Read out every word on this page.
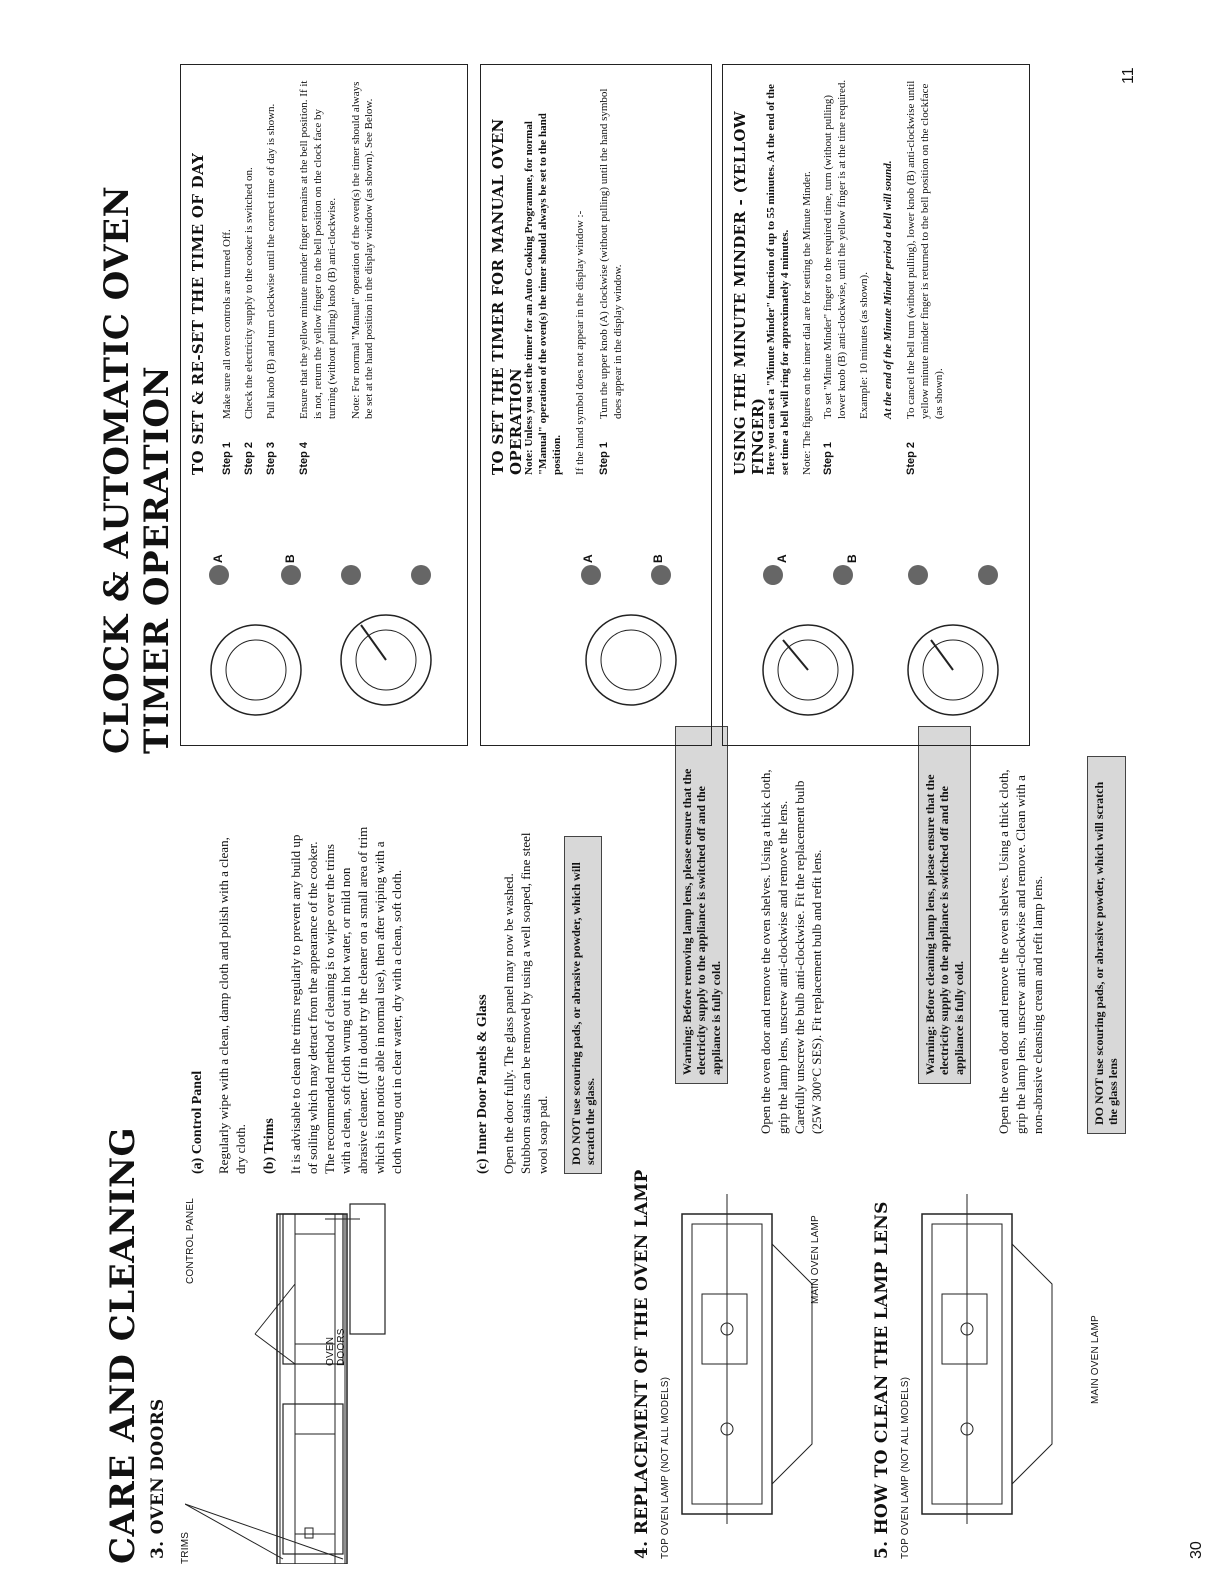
CARE AND CLEANING 3. OVEN DOORS TRIMS
OVEN DOORS
CONTROL PANEL
(a) Control Panel Regularly wipe with a clean, damp cloth and polish with a clean, dry cloth. (b) Trims It is advisable to clean the trims regularly to prevent any build up of soiling which may detract from the appearance of the cooker. The recommended method of cleaning is to wipe over the trims with a clean, soft cloth wrung out in hot water, or mild non abrasive cleaner. (If in doubt try the cleaner on a small area of trim which is not notice able in normal use), then after wiping with a cloth wrung out in clear water, dry with a clean, soft cloth.	(c) Inner Door Panels & Glass Open the door fully. The glass panel may now be washed. Stubborn stains can be removed by using a well soaped, fine steel wool soap pad.	DO NOT use scouring pads, or abrasive powder, which will scratch the glass.
4. REPLACEMENT OF THE OVEN LAMP TOP OVEN LAMP (NOT ALL MODELS)
MAIN OVEN LAMP
Warning: Before removing lamp lens, please ensure that the electricity supply to the appliance is switched off and the appliance is fully cold.	Open the oven door and remove the oven shelves. Using a thick cloth, grip the lamp lens, unscrew anti-clockwise and remove the lens. Carefully unscrew the bulb anti-clockwise. Fit the replacement bulb (25W 300°C SES). Fit replacement bulb and refit lens.
5. HOW TO CLEAN THE LAMP LENS TOP OVEN LAMP (NOT ALL MODELS)
MAIN OVEN LAMP
Warning: Before cleaning lamp lens, please ensure that the electricity supply to the appliance is switched off and the appliance is fully cold.	Open the oven door and remove the oven shelves. Using a thick cloth, grip the lamp lens, unscrew anti-clockwise and remove. Clean with a non-abrasive cleansing cream and refit lamp lens.	DO NOT use scouring pads, or abrasive powder, which will scratch the glass lens
30
CLOCK & AUTOMATIC OVEN TIMER OPERATION
TO SET & RE-SET THE TIME OF DAY
A	B
Step 1
Make sure all oven controls are turned Off.
Step 2
Check the electricity supply to the cooker is switched on.
Step 3
Pull knob (B) and turn clockwise until the correct time of day is shown.
Step 4
Ensure that the yellow minute minder finger remains at the bell position. If it is not, return the yellow finger to the bell position on the clock face by turning (without pulling) knob (B) anti-clockwise. Note: For normal "Manual" operation of the oven(s) the timer should always be set at the hand position in the display window (as shown). See Below.	TO SET THE TIMER FOR MANUAL OVEN OPERATION
A	B
Note: Unless you set the timer for an Auto Cooking Programme, for normal "Manual" operation of the oven(s) the timer should always be set to the hand position. If the hand symbol does not appear in the display window :- Step 1
Turn the upper knob (A) clockwise (without pulling) until the hand symbol does appear in the display window.	USING THE MINUTE MINDER - (YELLOW FINGER)
A	B
Here you can set a "Minute Minder" function of up to 55 minutes. At the end of the set time a bell will ring for approximately 4 minutes. Note: The figures on the inner dial are for setting the Minute Minder. Step 1
To set "Minute Minder" finger to the required time, turn (without pulling) lower knob (B) anti-clockwise, until the yellow finger is at the time required. Example: 10 minutes (as shown). At the end of the Minute Minder period a bell will sound.
Step 2
To cancel the bell turn (without pulling), lower knob (B) anti-clockwise until yellow minute minder finger is returned to the bell position on the clockface (as shown).
11
